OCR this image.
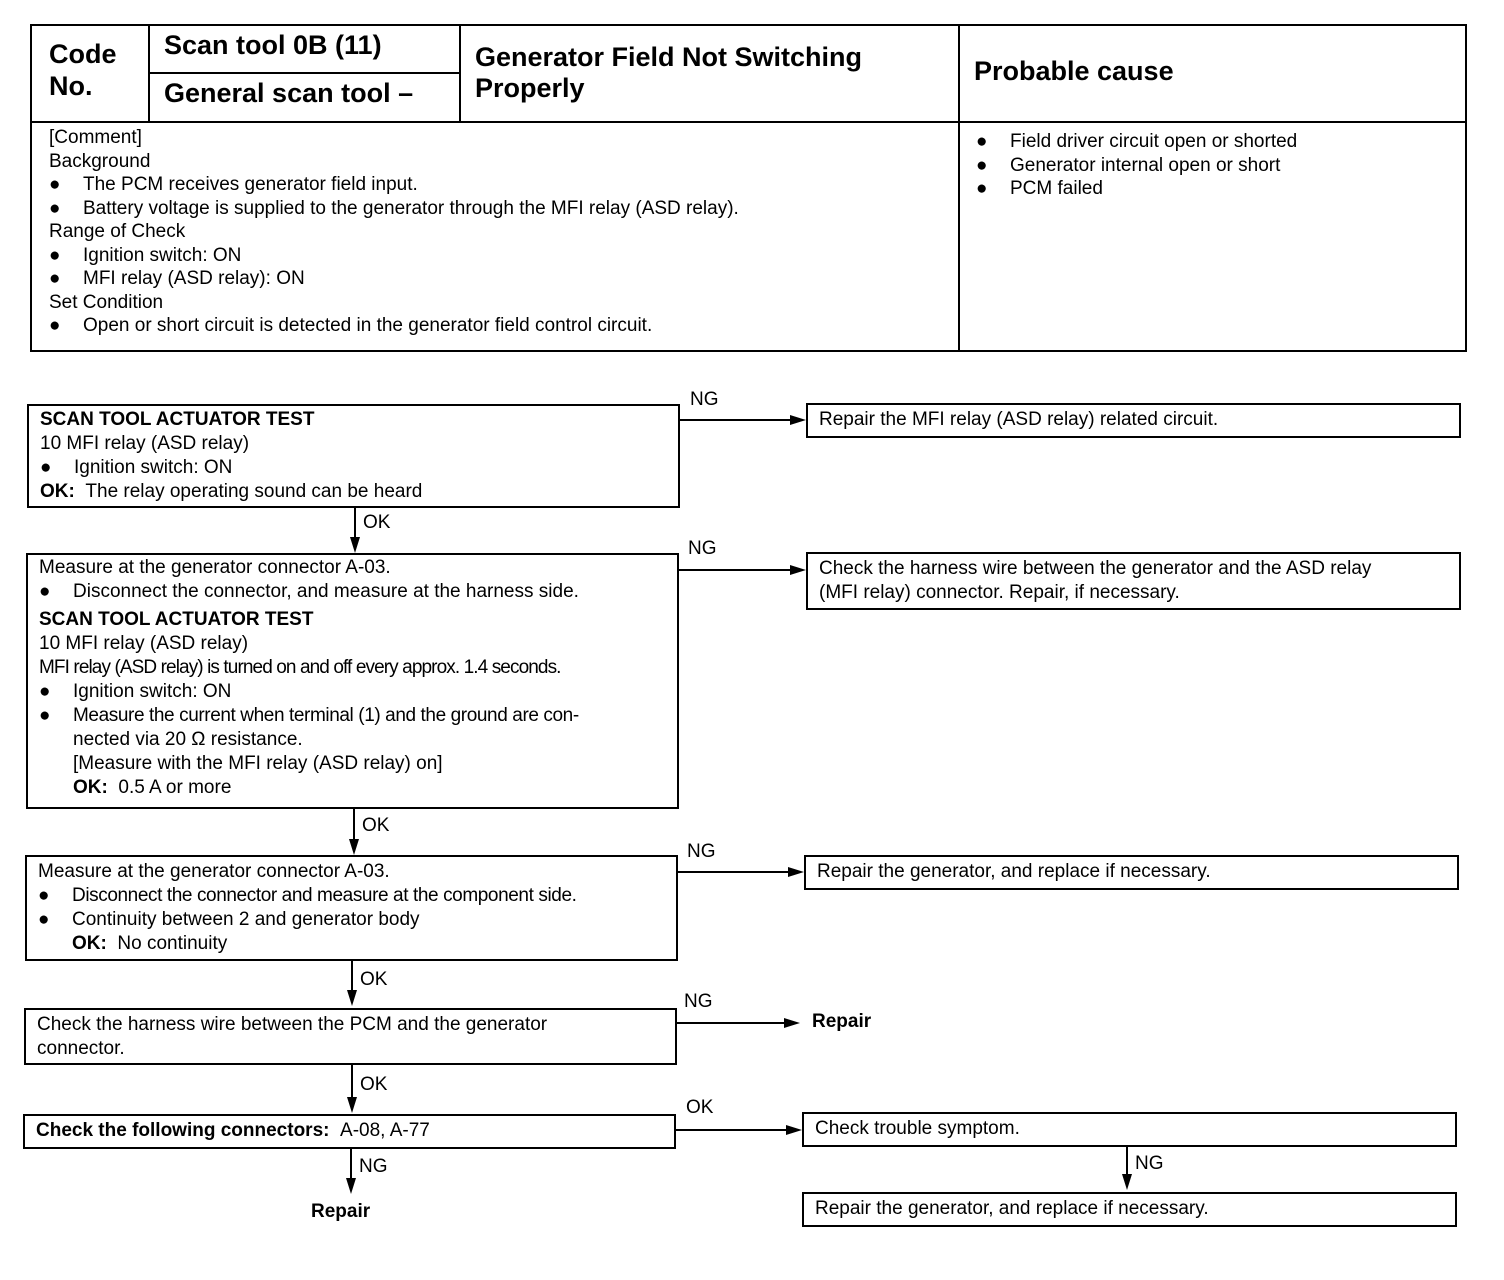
Code
No.
Scan tool 0B (11)
General scan tool –
Generator Field Not Switching
Properly
Probable cause
[Comment]
Background
● The PCM receives generator field input.
● Battery voltage is supplied to the generator through the MFI relay (ASD relay).
Range of Check
● Ignition switch: ON
● MFI relay (ASD relay): ON
Set Condition
● Open or short circuit is detected in the generator field control circuit.
● Field driver circuit open or shorted
● Generator internal open or short
● PCM failed
SCAN TOOL ACTUATOR TEST
10 MFI relay (ASD relay)
● Ignition switch: ON
OK: The relay operating sound can be heard
Measure at the generator connector A-03.
● Disconnect the connector, and measure at the harness side.
SCAN TOOL ACTUATOR TEST
10 MFI relay (ASD relay)
MFI relay (ASD relay) is turned on and off every approx. 1.4 seconds.
● Ignition switch: ON
● Measure the current when terminal (1) and the ground are con-
nected via 20 Ω resistance.
[Measure with the MFI relay (ASD relay) on]
OK: 0.5 A or more
Measure at the generator connector A-03.
● Disconnect the connector and measure at the component side.
● Continuity between 2 and generator body
OK: No continuity
Check the harness wire between the PCM and the generator
connector.
Check the following connectors: A-08, A-77
Repair the MFI relay (ASD relay) related circuit.
Check the harness wire between the generator and the ASD relay
(MFI relay) connector. Repair, if necessary.
Repair the generator, and replace if necessary.
Repair
Check trouble symptom.
Repair the generator, and replace if necessary.
Repair
NG
OK
NG
OK
NG
OK
NG
OK
OK
NG	NG
